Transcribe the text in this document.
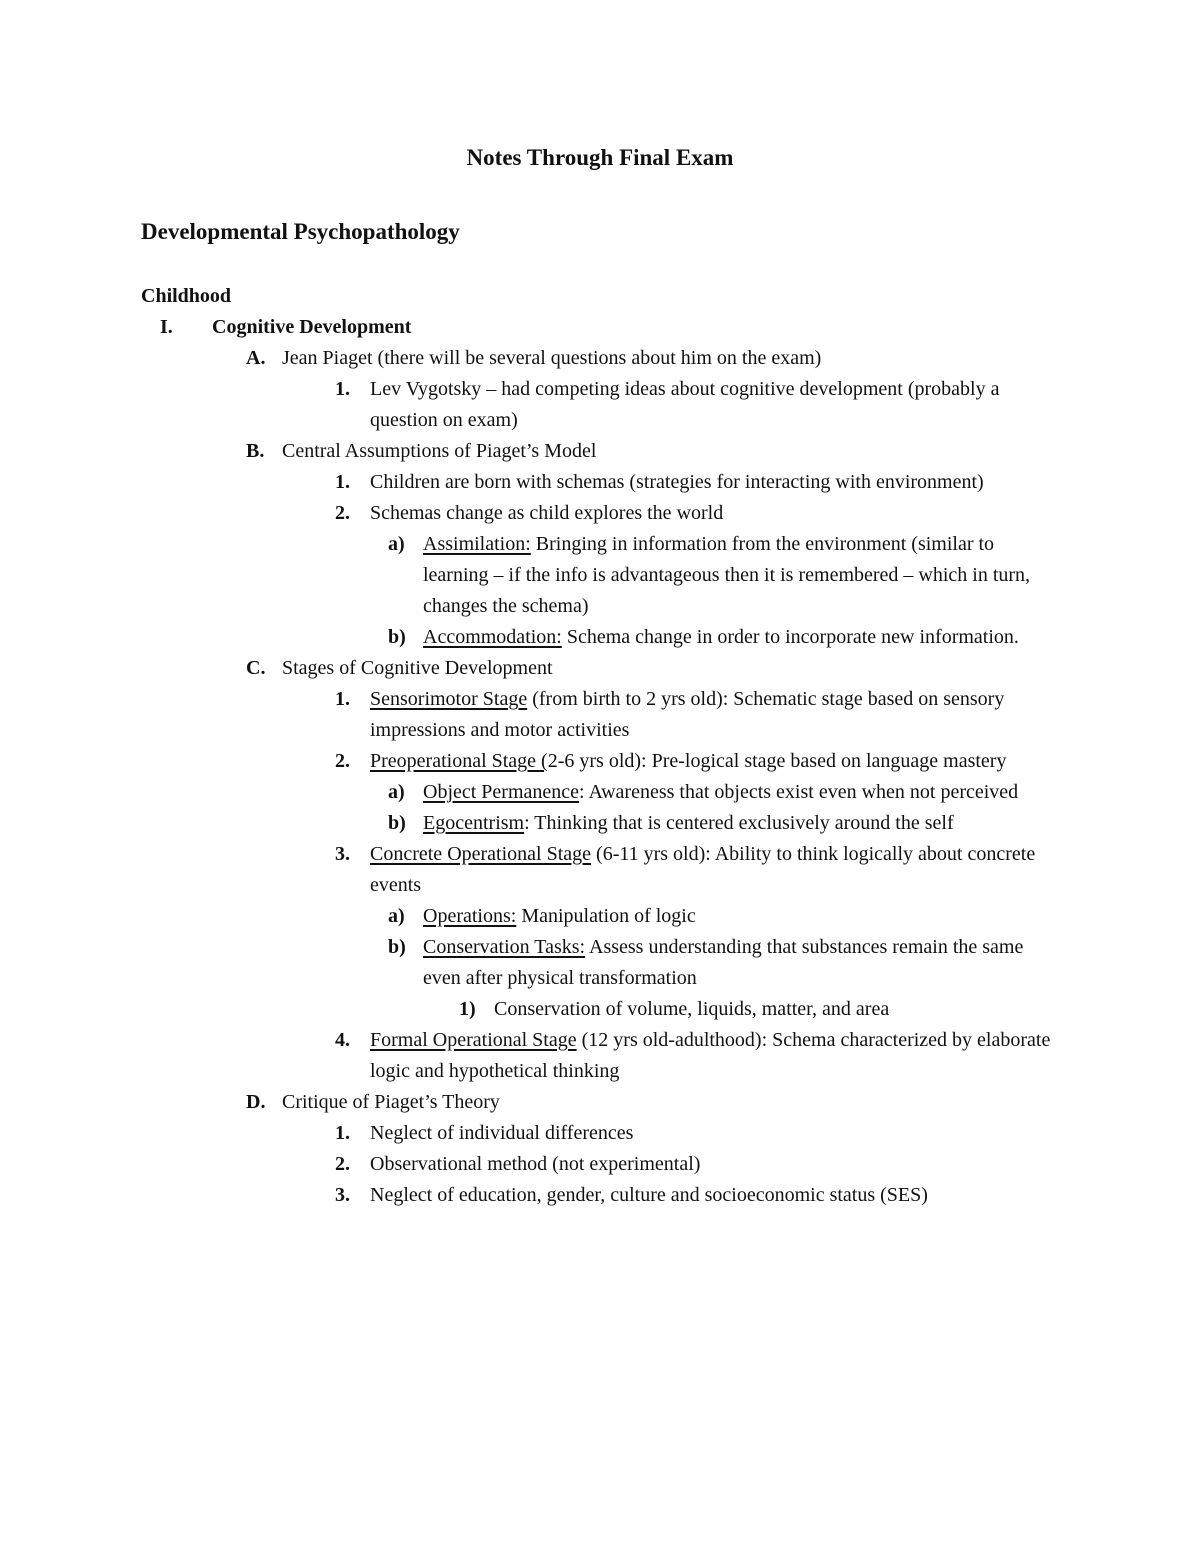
Notes Through Final Exam
Developmental Psychopathology
Childhood
I. Cognitive Development
A. Jean Piaget (there will be several questions about him on the exam)
1. Lev Vygotsky – had competing ideas about cognitive development (probably a question on exam)
B. Central Assumptions of Piaget’s Model
1. Children are born with schemas (strategies for interacting with environment)
2. Schemas change as child explores the world
a) Assimilation: Bringing in information from the environment (similar to learning – if the info is advantageous then it is remembered – which in turn, changes the schema)
b) Accommodation: Schema change in order to incorporate new information.
C. Stages of Cognitive Development
1. Sensorimotor Stage (from birth to 2 yrs old): Schematic stage based on sensory impressions and motor activities
2. Preoperational Stage (2-6 yrs old): Pre-logical stage based on language mastery
a) Object Permanence: Awareness that objects exist even when not perceived
b) Egocentrism: Thinking that is centered exclusively around the self
3. Concrete Operational Stage (6-11 yrs old): Ability to think logically about concrete events
a) Operations: Manipulation of logic
b) Conservation Tasks: Assess understanding that substances remain the same even after physical transformation
1) Conservation of volume, liquids, matter, and area
4. Formal Operational Stage (12 yrs old-adulthood): Schema characterized by elaborate logic and hypothetical thinking
D. Critique of Piaget’s Theory
1. Neglect of individual differences
2. Observational method (not experimental)
3. Neglect of education, gender, culture and socioeconomic status (SES)
